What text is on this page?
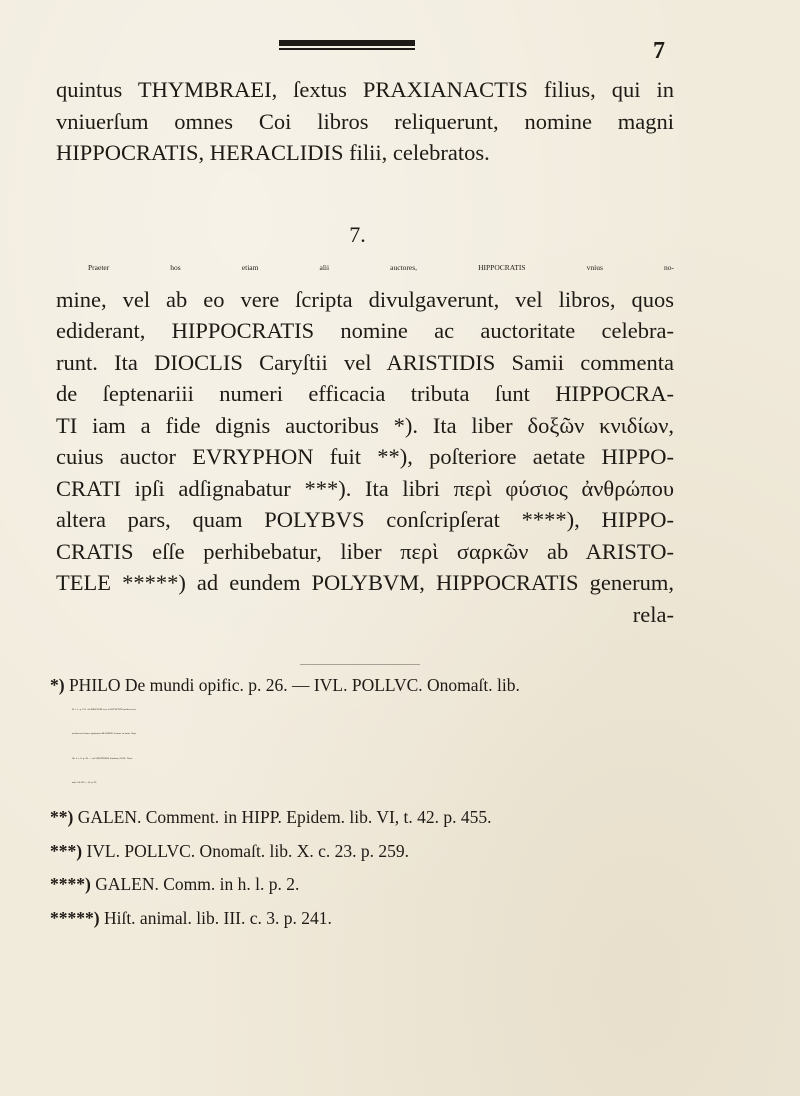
7
quintus THYMBRAEI, ſextus PRAXIANACTIS filius, qui in
vniuerſum omnes Coi libros reliquerunt, nomine magni
HIPPOCRATIS, HERACLIDIS filii, celebratos.
7.
Praeter hos etiam alii auctores, HIPPOCRATIS vnius no-
mine, vel ab eo vere ſcripta divulgaverunt, vel libros, quos
ediderant, HIPPOCRATIS nomine ac auctoritate celebra-
runt. Ita DIOCLIS Caryſtii vel ARISTIDIS Samii commenta
de ſeptenariii numeri efficacia tributa ſunt HIPPOCRA-
TI iam a fide dignis auctoribus *). Ita liber δοξῶν κνιδίων,
cuius auctor EVRYPHON fuit **), poſteriore aetate HIPPO-
CRATI ipſi adſignabatur ***). Ita libri περὶ φύσιος ἀνθρώπου
altera pars, quam POLYBVS conſcripſerat ****), HIPPO-
CRATIS eſſe perhibebatur, liber περὶ σαρκῶν ab ARISTO-
TELE *****) ad eundem POLYBVM, HIPPOCRATIS generum,
rela-
*) PHILO De mundi opific. p. 26. — IVL. POLLVC. Onomaſt. lib.
II. c. 1. p. 153. Ad DIOCLEM vero CARYSTIVM melius refert
melius refert hanc opinionem MACROB. Comm. in ſomn. Scip.
lib. I. c. 6. p. 28. — ad ARISTIDEM, Samium, GELL. Noct.
attic. lib. III. c. 10. p. 93.
**) GALEN. Comment. in HIPP. Epidem. lib. VI, t. 42. p. 455.
***) IVL. POLLVC. Onomaſt. lib. X. c. 23. p. 259.
****) GALEN. Comm. in h. l. p. 2.
*****) Hiſt. animal. lib. III. c. 3. p. 241.
